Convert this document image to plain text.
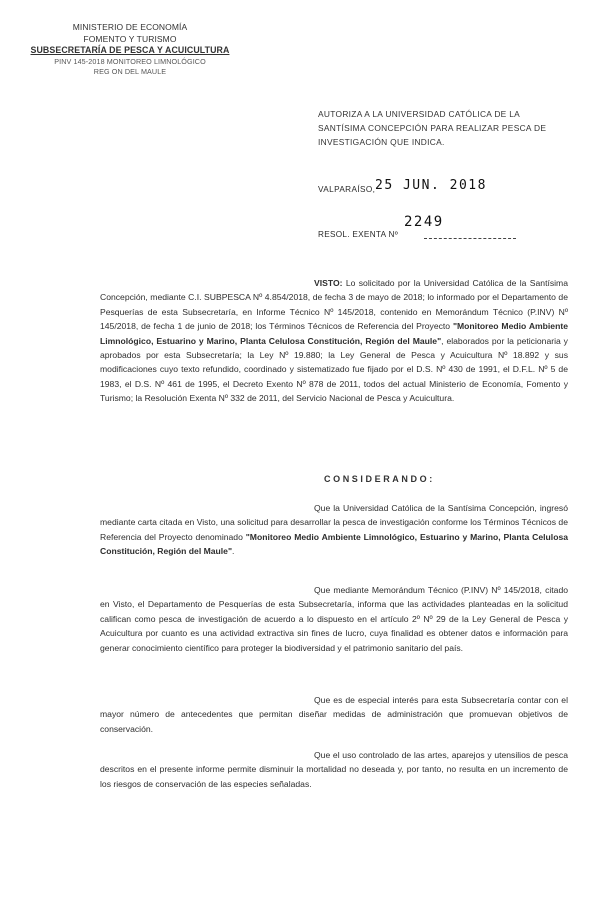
MINISTERIO DE ECONOMÍA
FOMENTO Y TURISMO
SUBSECRETARÍA DE PESCA Y ACUICULTURA
PINV 145-2018 MONITOREO LIMNOLÓGICO
REG ON DEL MAULE
AUTORIZA A LA UNIVERSIDAD CATÓLICA DE LA SANTÍSIMA CONCEPCIÓN PARA REALIZAR PESCA DE INVESTIGACIÓN QUE INDICA.
VALPARAÍSO, 25 JUN. 2018
2249
RESOL. EXENTA Nº
VISTO: Lo solicitado por la Universidad Católica de la Santísima Concepción, mediante C.I. SUBPESCA Nº 4.854/2018, de fecha 3 de mayo de 2018; lo informado por el Departamento de Pesquerías de esta Subsecretaría, en Informe Técnico Nº 145/2018, contenido en Memorándum Técnico (P.INV) Nº 145/2018, de fecha 1 de junio de 2018; los Términos Técnicos de Referencia del Proyecto "Monitoreo Medio Ambiente Limnológico, Estuarino y Marino, Planta Celulosa Constitución, Región del Maule", elaborados por la peticionaria y aprobados por esta Subsecretaría; la Ley Nº 19.880; la Ley General de Pesca y Acuicultura Nº 18.892 y sus modificaciones cuyo texto refundido, coordinado y sistematizado fue fijado por el D.S. Nº 430 de 1991, el D.F.L. Nº 5 de 1983, el D.S. Nº 461 de 1995, el Decreto Exento Nº 878 de 2011, todos del actual Ministerio de Economía, Fomento y Turismo; la Resolución Exenta Nº 332 de 2011, del Servicio Nacional de Pesca y Acuicultura.
CONSIDERANDO:
Que la Universidad Católica de la Santísima Concepción, ingresó mediante carta citada en Visto, una solicitud para desarrollar la pesca de investigación conforme los Términos Técnicos de Referencia del Proyecto denominado "Monitoreo Medio Ambiente Limnológico, Estuarino y Marino, Planta Celulosa Constitución, Región del Maule".
Que mediante Memorándum Técnico (P.INV) Nº 145/2018, citado en Visto, el Departamento de Pesquerías de esta Subsecretaría, informa que las actividades planteadas en la solicitud califican como pesca de investigación de acuerdo a lo dispuesto en el artículo 2º Nº 29 de la Ley General de Pesca y Acuicultura por cuanto es una actividad extractiva sin fines de lucro, cuya finalidad es obtener datos e información para generar conocimiento científico para proteger la biodiversidad y el patrimonio sanitario del país.
Que es de especial interés para esta Subsecretaría contar con el mayor número de antecedentes que permitan diseñar medidas de administración que promuevan objetivos de conservación.
Que el uso controlado de las artes, aparejos y utensilios de pesca descritos en el presente informe permite disminuir la mortalidad no deseada y, por tanto, no resulta en un incremento de los riesgos de conservación de las especies señaladas.
